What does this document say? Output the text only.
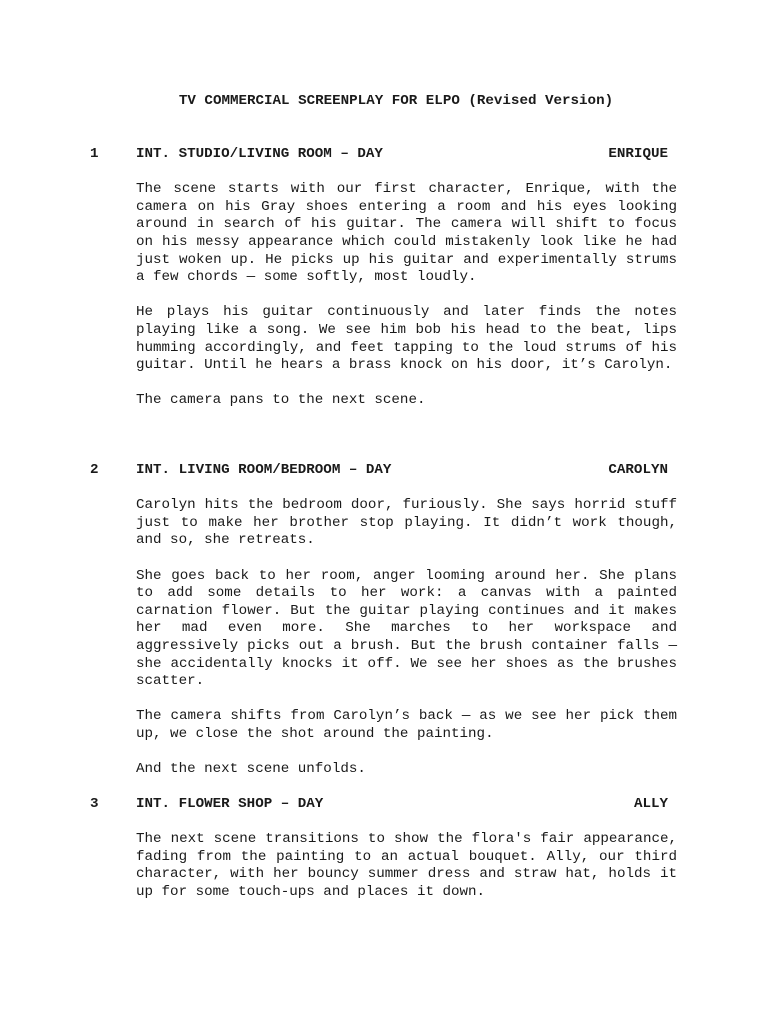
TV COMMERCIAL SCREENPLAY FOR ELPO (Revised Version)
1	INT. STUDIO/LIVING ROOM – DAY	ENRIQUE
The scene starts with our first character, Enrique, with the camera on his Gray shoes entering a room and his eyes looking around in search of his guitar. The camera will shift to focus on his messy appearance which could mistakenly look like he had just woken up. He picks up his guitar and experimentally strums a few chords — some softly, most loudly.
He plays his guitar continuously and later finds the notes playing like a song. We see him bob his head to the beat, lips humming accordingly, and feet tapping to the loud strums of his guitar. Until he hears a brass knock on his door, it’s Carolyn.
The camera pans to the next scene.
2	INT. LIVING ROOM/BEDROOM – DAY	CAROLYN
Carolyn hits the bedroom door, furiously. She says horrid stuff just to make her brother stop playing. It didn’t work though, and so, she retreats.
She goes back to her room, anger looming around her. She plans to add some details to her work: a canvas with a painted carnation flower. But the guitar playing continues and it makes her mad even more. She marches to her workspace and aggressively picks out a brush. But the brush container falls — she accidentally knocks it off. We see her shoes as the brushes scatter.
The camera shifts from Carolyn’s back — as we see her pick them up, we close the shot around the painting.
And the next scene unfolds.
3	INT. FLOWER SHOP – DAY	ALLY
The next scene transitions to show the flora's fair appearance, fading from the painting to an actual bouquet. Ally, our third character, with her bouncy summer dress and straw hat, holds it up for some touch-ups and places it down.
